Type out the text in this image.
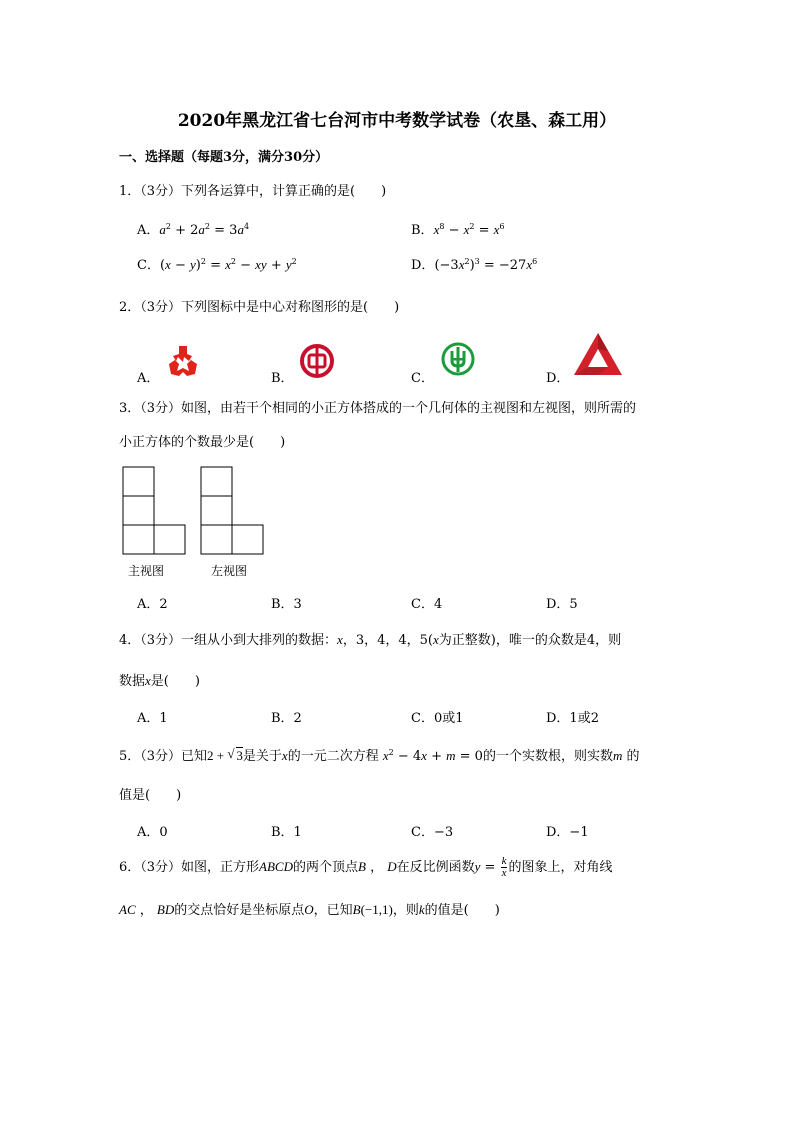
2020年黑龙江省七台河市中考数学试卷（农垦、森工用）
一、选择题（每题3分，满分30分）
1．（3分）下列各运算中，计算正确的是(　　)
A．$a^2 + 2a^2 = 3a^4$	B．$x^8 - x^2 = x^6$
C．$(x - y)^2 = x^2$ − xy + $y^2$	D．$(-3x^2)^3 = -27x^6$
2．（3分）下列图标中是中心对称图形的是(　　)
A．	B．	C．	D．
3．（3分）如图，由若干个相同的小正方体搭成的一个几何体的主视图和左视图，则所需的
小正方体的个数最少是(　　)
主视图	左视图
A．2	B．3	C．4	D．5
4．（3分）一组从小到大排列的数据：x，3，4，4，5(x为正整数)，唯一的众数是4，则
数据x是(　　)
A．1	B．2	C．0或1	D．1或2
5．（3分）已知2 + √ 3是关于x的一元二次方程 $x^2 - 4x + m = 0$的一个实数根，则实数m 的
值是(　　)
A．0	B．1	C．−3	D．−1
6．（3分）如图，正方形ABCD的两个顶点B ， D在反比例函数$y = \frac{k}{x}$ 的图象上，对角线
AC ， BD的交点恰好是坐标原点O，已知B(−1,1)，则k的值是(　　)
